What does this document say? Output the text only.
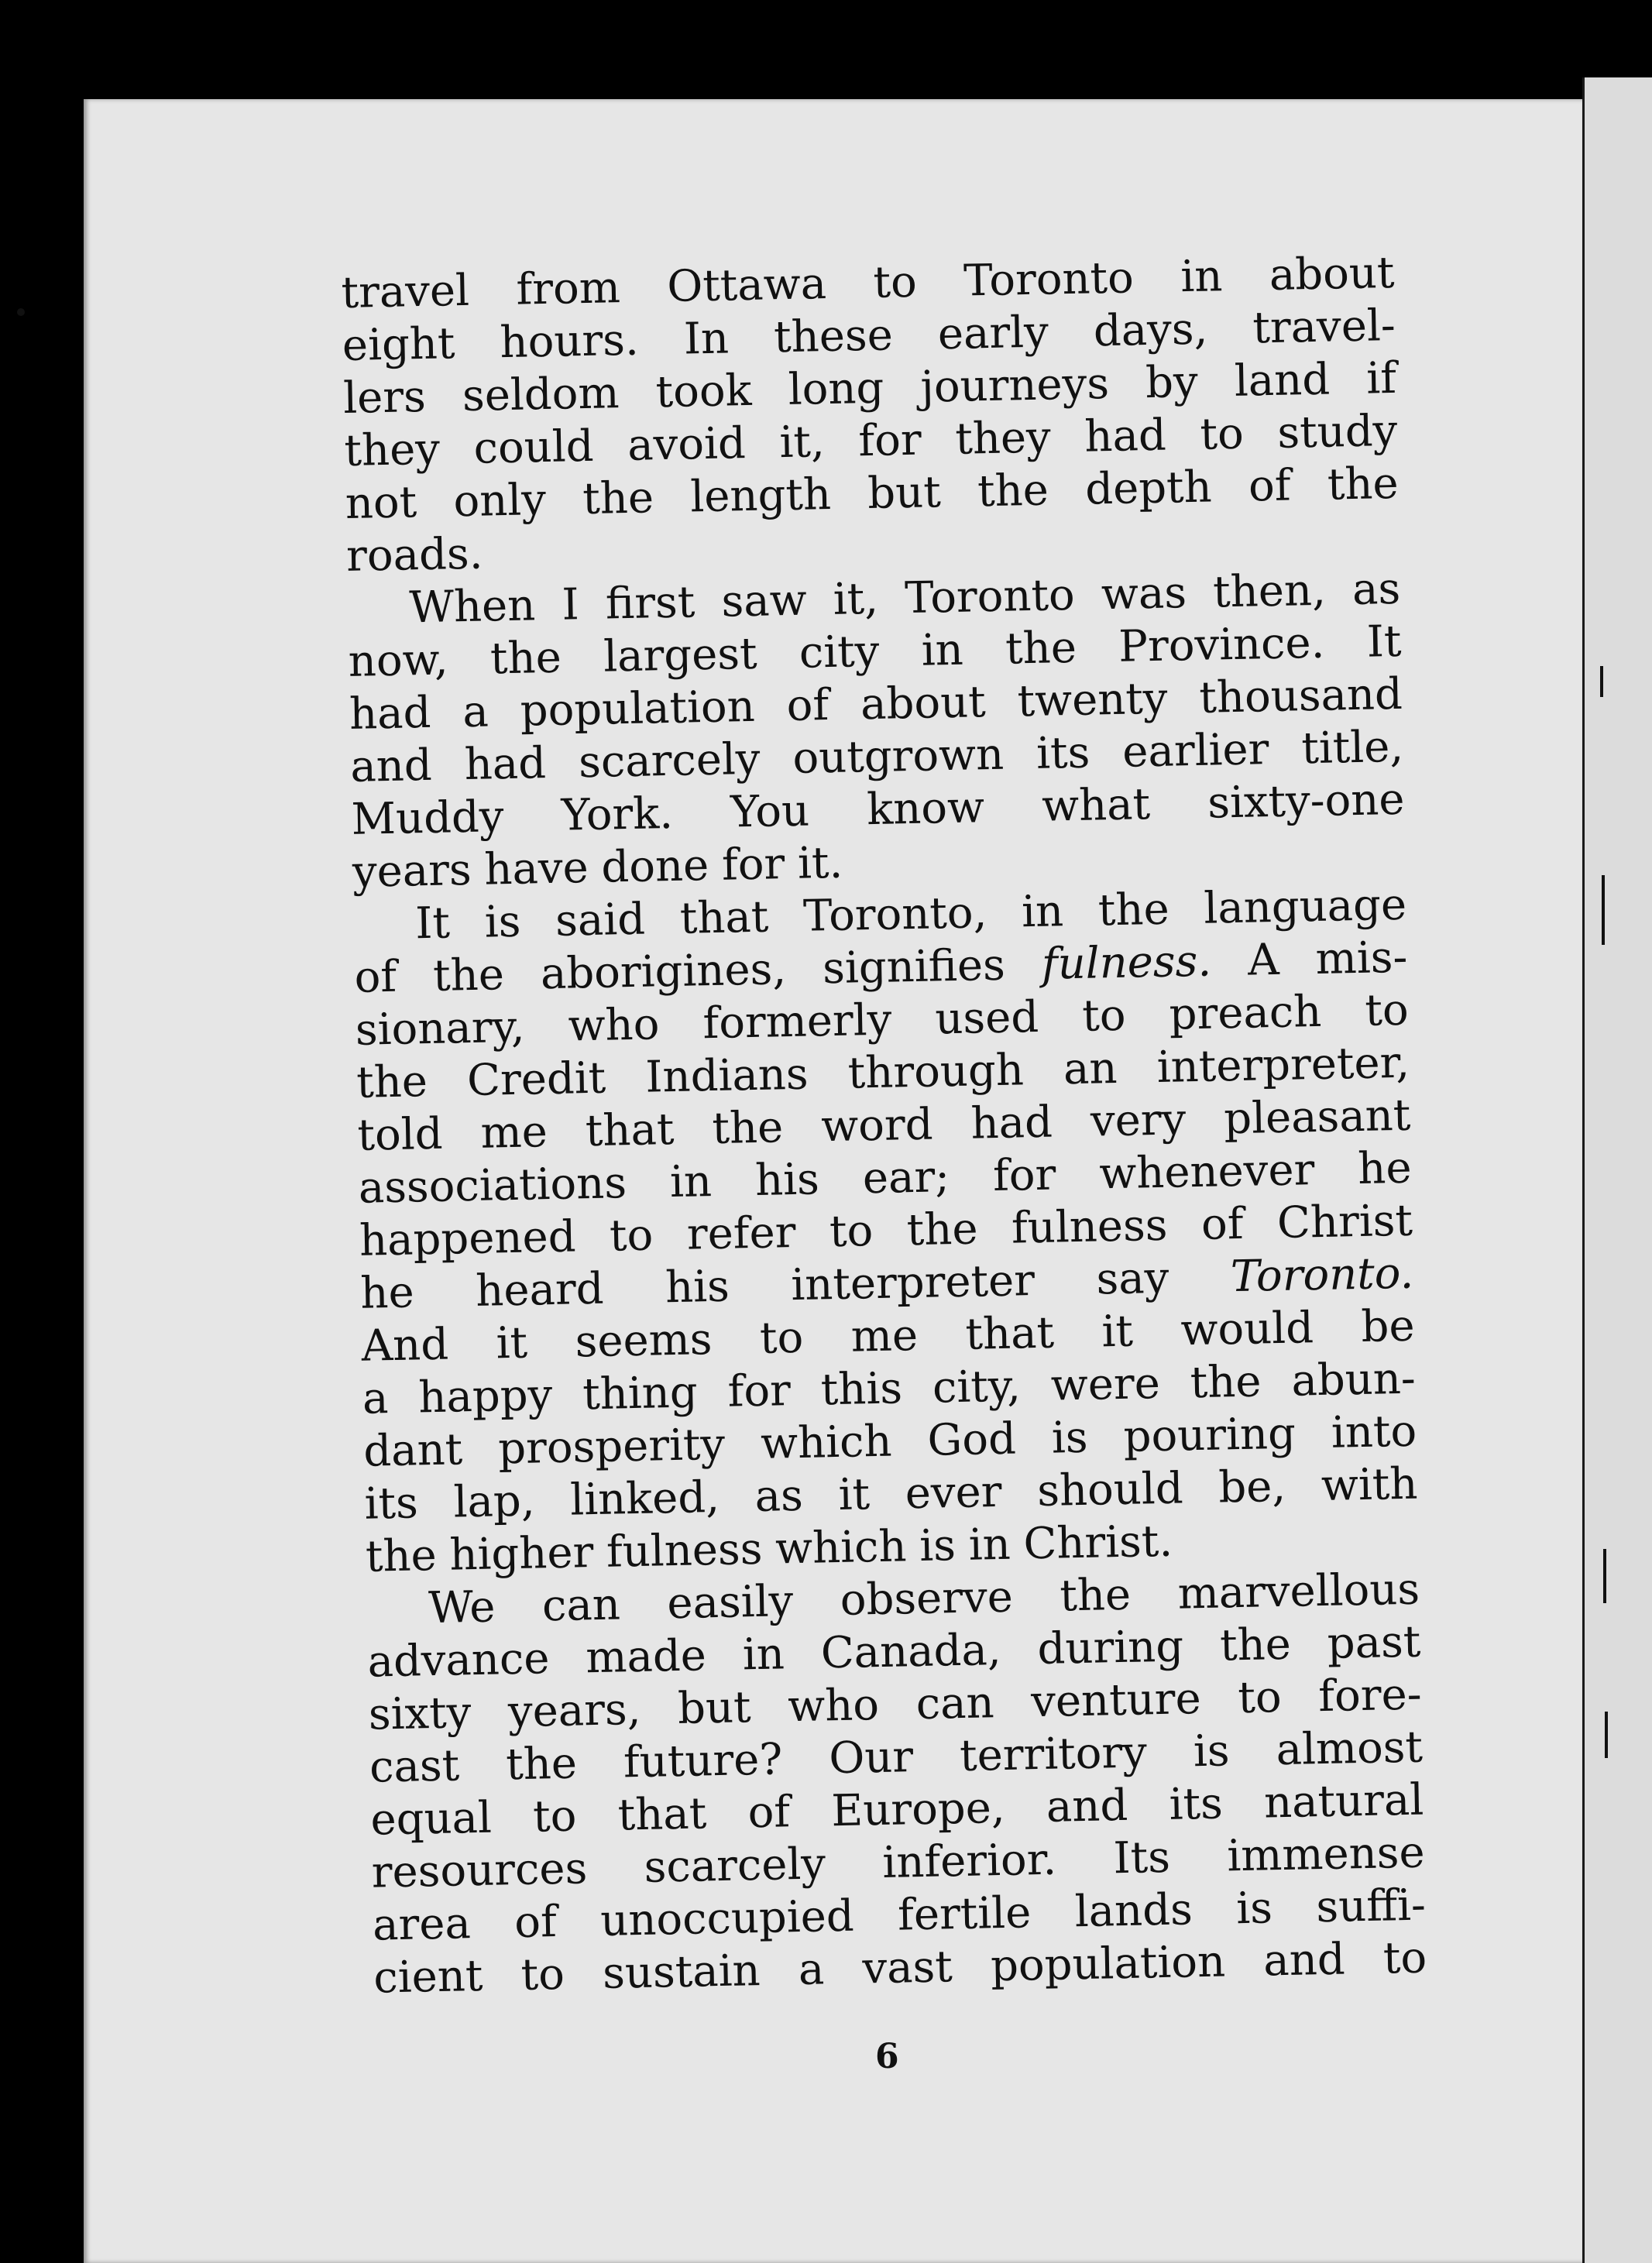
travel from Ottawa to Toronto in about
eight hours. In these early days, travel-
lers seldom took long journeys by land if
they could avoid it, for they had to study
not only the length but the depth of the
roads.
When I first saw it, Toronto was then, as
now, the largest city in the Province. It
had a population of about twenty thousand
and had scarcely outgrown its earlier title,
Muddy York. You know what sixty-one
years have done for it.
It is said that Toronto, in the language
of the aborigines, signifies fulness. A mis-
sionary, who formerly used to preach to
the Credit Indians through an interpreter,
told me that the word had very pleasant
associations in his ear; for whenever he
happened to refer to the fulness of Christ
he heard his interpreter say Toronto.
And it seems to me that it would be
a happy thing for this city, were the abun-
dant prosperity which God is pouring into
its lap, linked, as it ever should be, with
the higher fulness which is in Christ.
We can easily observe the marvellous
advance made in Canada, during the past
sixty years, but who can venture to fore-
cast the future? Our territory is almost
equal to that of Europe, and its natural
resources scarcely inferior. Its immense
area of unoccupied fertile lands is suffi-
cient to sustain a vast population and to
6
